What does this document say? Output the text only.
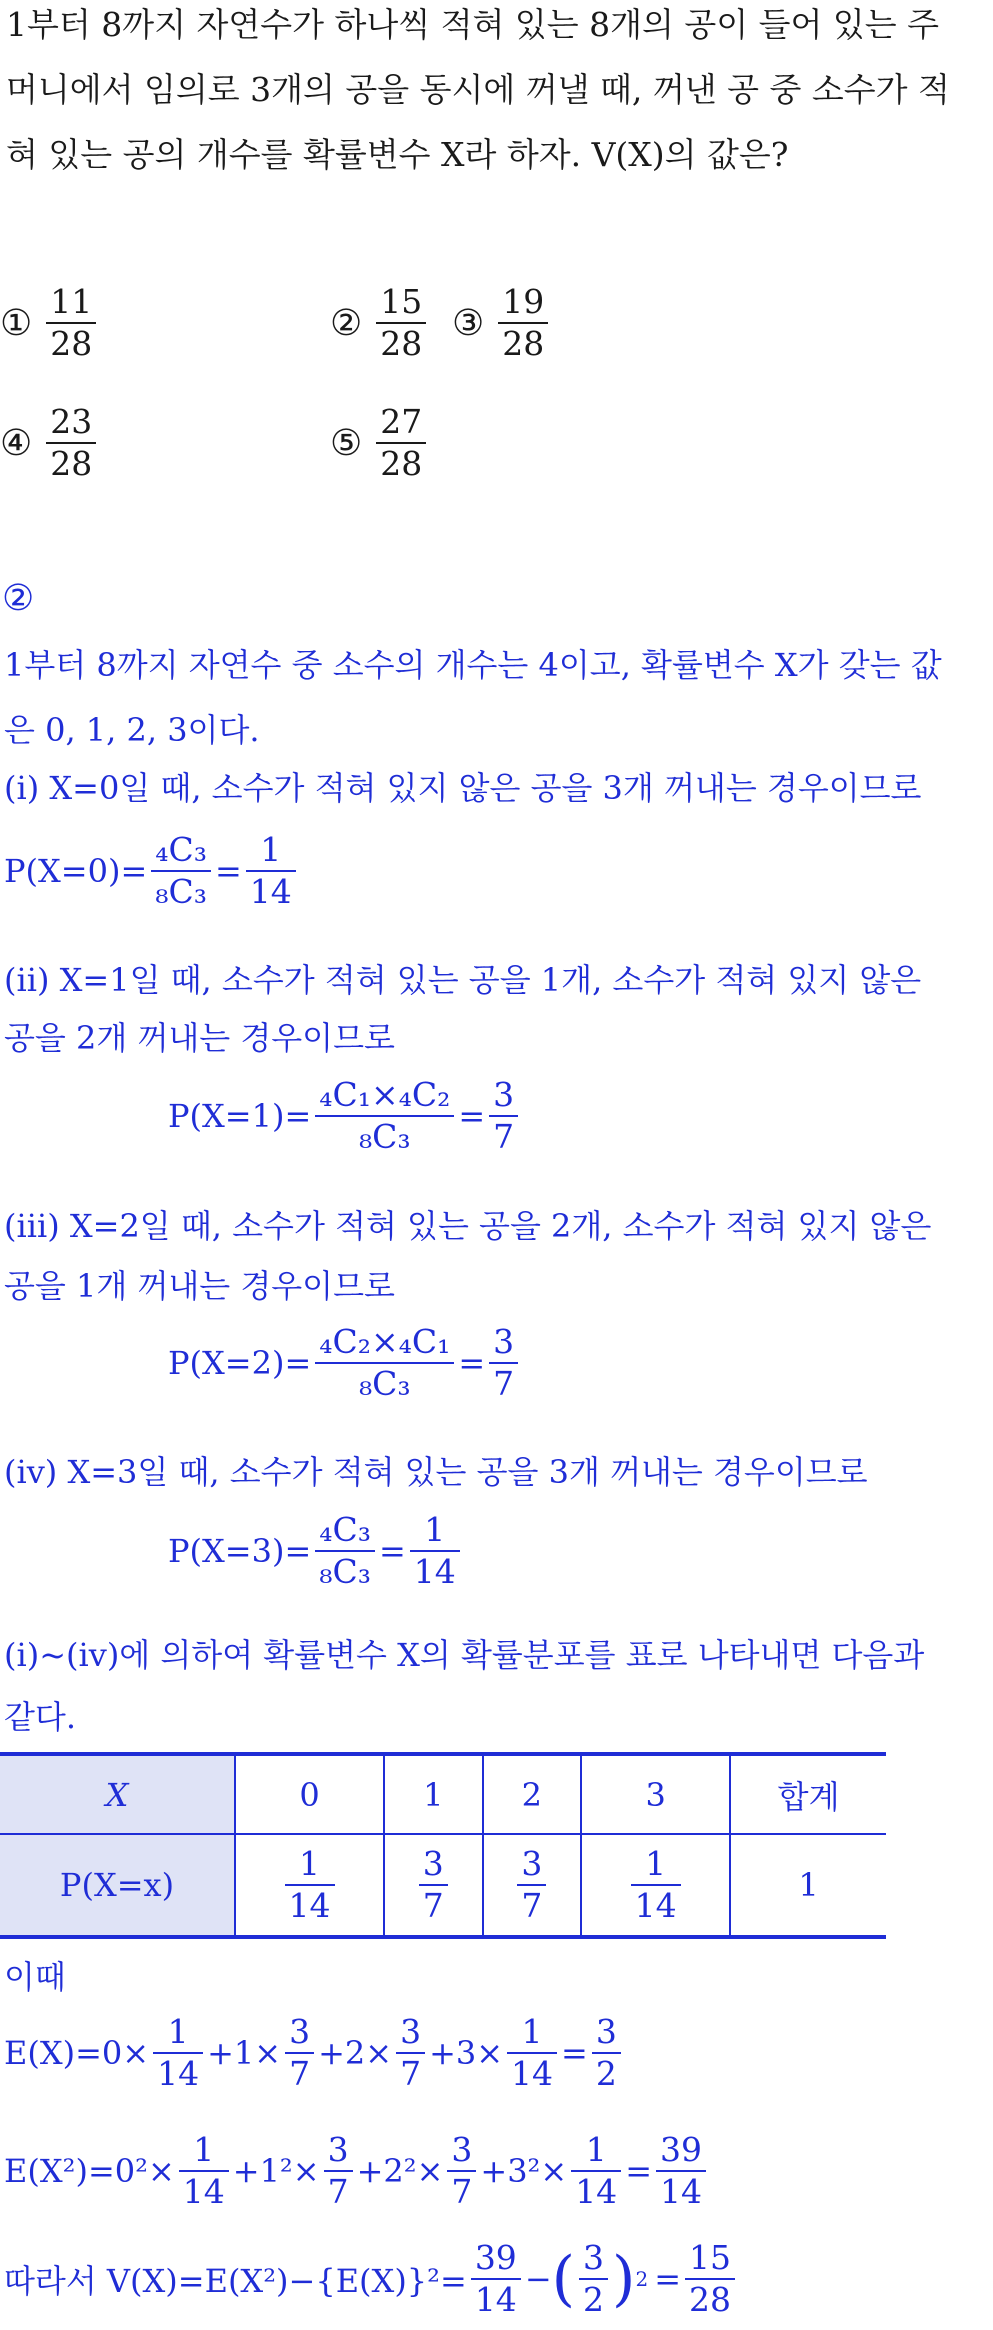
1부터 8까지 자연수가 하나씩 적혀 있는 8개의 공이 들어 있는 주
머니에서 임의로 3개의 공을 동시에 꺼낼 때, 꺼낸 공 중 소수가 적
혀 있는 공의 개수를 확률변수 X라 하자. V(X)의 값은?
① $\frac{11}{28}$	② $\frac{15}{28}$ ③ $\frac{19}{28}$
④ $\frac{23}{28}$	⑤ $\frac{27}{28}$
②
1부터 8까지 자연수 중 소수의 개수는 4이고, 확률변수 X가 갖는 값
은 0, 1, 2, 3이다.
(ⅰ) X=0일 때, 소수가 적혀 있지 않은 공을 3개 꺼내는 경우이므로
$P(X=0)= \frac{\text{₄C₃}}{\text{₈C₃}} = \frac{1}{14}$
(ⅱ) X=1일 때, 소수가 적혀 있는 공을 1개, 소수가 적혀 있지 않은
공을 2개 꺼내는 경우이므로
$P(X=1)= \frac{\text{₄C₁×₄C₂}}{\text{₈C₃}} = \frac{3}{7}$
(ⅲ) X=2일 때, 소수가 적혀 있는 공을 2개, 소수가 적혀 있지 않은
공을 1개 꺼내는 경우이므로
$P(X=2)= \frac{\text{₄C₂×₄C₁}}{\text{₈C₃}} = \frac{3}{7}$
(ⅳ) X=3일 때, 소수가 적혀 있는 공을 3개 꺼내는 경우이므로
$P(X=3)= \frac{\text{₄C₃}}{\text{₈C₃}} = \frac{1}{14}$
(ⅰ)~(ⅳ)에 의하여 확률변수 X의 확률분포를 표로 나타내면 다음과
같다.
X	0	1	2	3	합계
P(X=x)	$\frac{1}{14}$	$\frac{3}{7}$	$\frac{3}{7}$	$\frac{1}{14}$	1
이때
$E(X)=0\times \frac{1}{14} +1\times \frac{3}{7} +2\times \frac{3}{7} +3\times \frac{1}{14} = \frac{3}{2}$
$E(X^2)=0^2\times \frac{1}{14} +1^2\times \frac{3}{7} +2^2\times \frac{3}{7} +3^2\times \frac{1}{14} = \frac{39}{14}$
따라서 $V(X)=E(X^2)-\{E(X)\}^2= \frac{39}{14}$ − ( $\frac{3}{2}$ ) $2 = \frac{15}{28}$
